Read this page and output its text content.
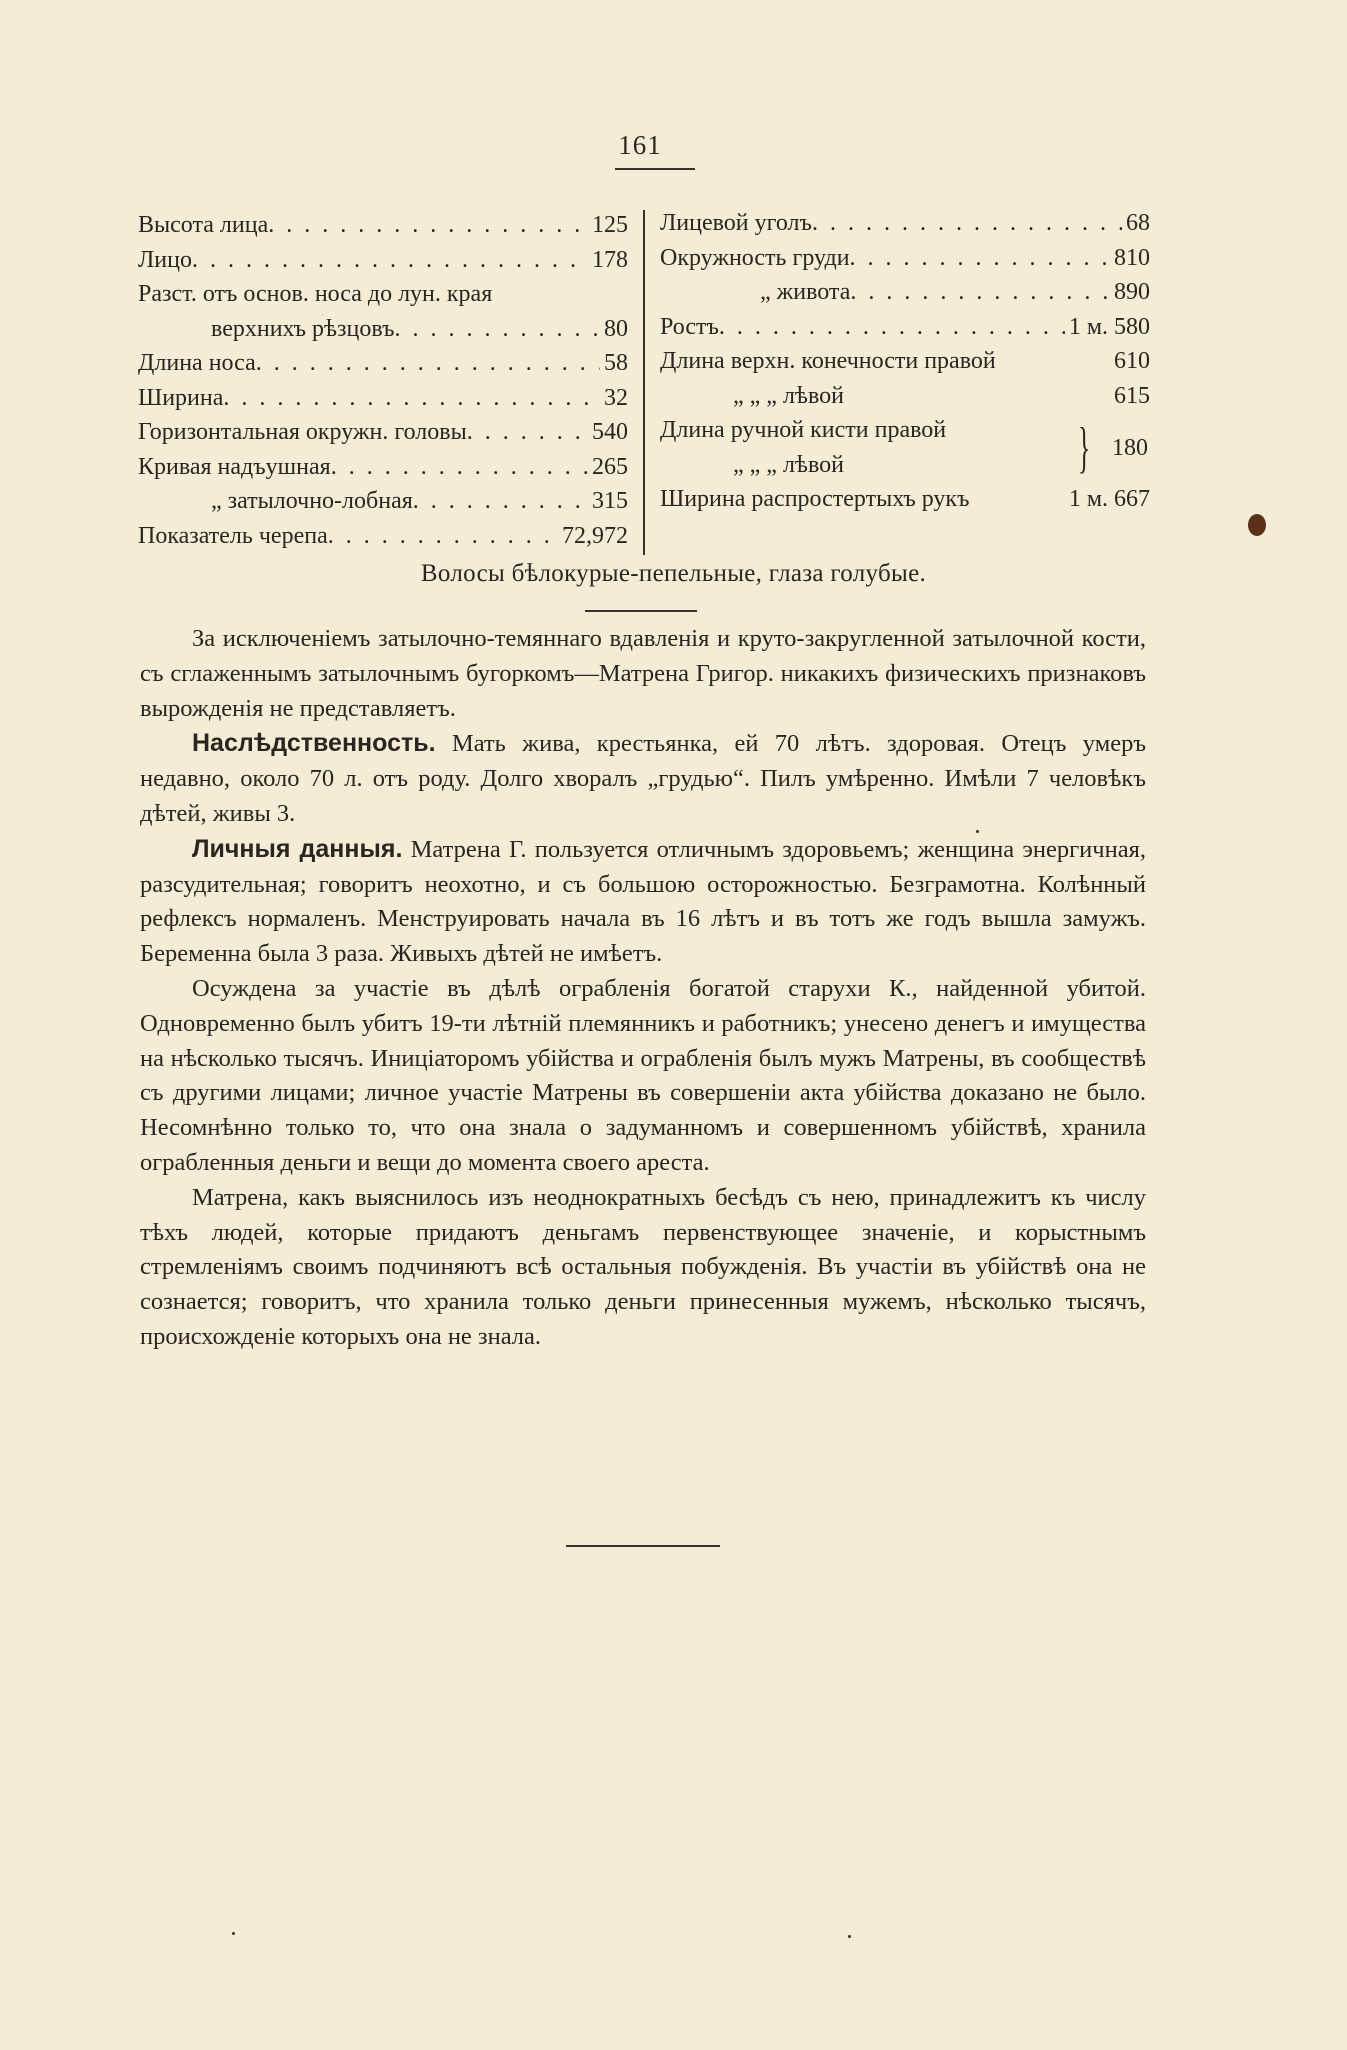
161
Высота лица . . .	125
Лицо . . .	178
Разст. отъ основ. носа до лун. края
верхнихъ рѣзцовъ . . .	80
Длина носа . . .	58
Ширина . . .	32
Горизонтальная окружн. головы . . .	540
Кривая надъушная . . .	265
„ затылочно-лобная . . .	315
Показатель черепа . . .	72,972
Лицевой уголъ . . .	68
Окружность груди . . .	810
„ живота . . .	890
Ростъ . . .	1 м. 580
Длина верхн. конечности правой	610
„ „ „ лѣвой	615
Длина ручной кисти правой
„ „ „ лѣвой	} 180
Ширина распростертыхъ рукъ	1 м. 667
Волосы бѣлокурые-пепельные, глаза голубые.

За исключеніемъ затылочно-темяннаго вдавленія и круто-закругленной затылочной кости, съ сглаженнымъ затылочнымъ бугоркомъ—Матрена Григор. никакихъ физическихъ признаковъ вырожденія не представляетъ.

Наслѣдственность. Мать жива, крестьянка, ей 70 лѣтъ. здоровая. Отецъ умеръ недавно, около 70 л. отъ роду. Долго хворалъ „грудью“. Пилъ умѣренно. Имѣли 7 человѣкъ дѣтей, живы 3.

Личныя данныя. Матрена Г. пользуется отличнымъ здоровьемъ; женщина энергичная, разсудительная; говоритъ неохотно, и съ большою осторожностью. Безграмотна. Колѣнный рефлексъ нормаленъ. Менструировать начала въ 16 лѣтъ и въ тотъ же годъ вышла замужъ. Беременна была 3 раза. Живыхъ дѣтей не имѣетъ.

Осуждена за участіе въ дѣлѣ ограбленія богатой старухи К., найденной убитой. Одновременно былъ убитъ 19-ти лѣтній племянникъ и работникъ; унесено денегъ и имущества на нѣсколько тысячъ. Иниціаторомъ убійства и ограбленія былъ мужъ Матрены, въ сообществѣ съ другими лицами; личное участіе Матрены въ совершеніи акта убійства доказано не было. Несомнѣнно только то, что она знала о задуманномъ и совершенномъ убійствѣ, хранила ограбленныя деньги и вещи до момента своего ареста.

Матрена, какъ выяснилось изъ неоднократныхъ бесѣдъ съ нею, принадлежитъ къ числу тѣхъ людей, которые придаютъ деньгамъ первенствующее значеніе, и корыстнымъ стремленіямъ своимъ подчиняютъ всѣ остальныя побужденія. Въ участіи въ убійствѣ она не сознается; говоритъ, что хранила только деньги принесенныя мужемъ, нѣсколько тысячъ, происхожденіе которыхъ она не знала.
